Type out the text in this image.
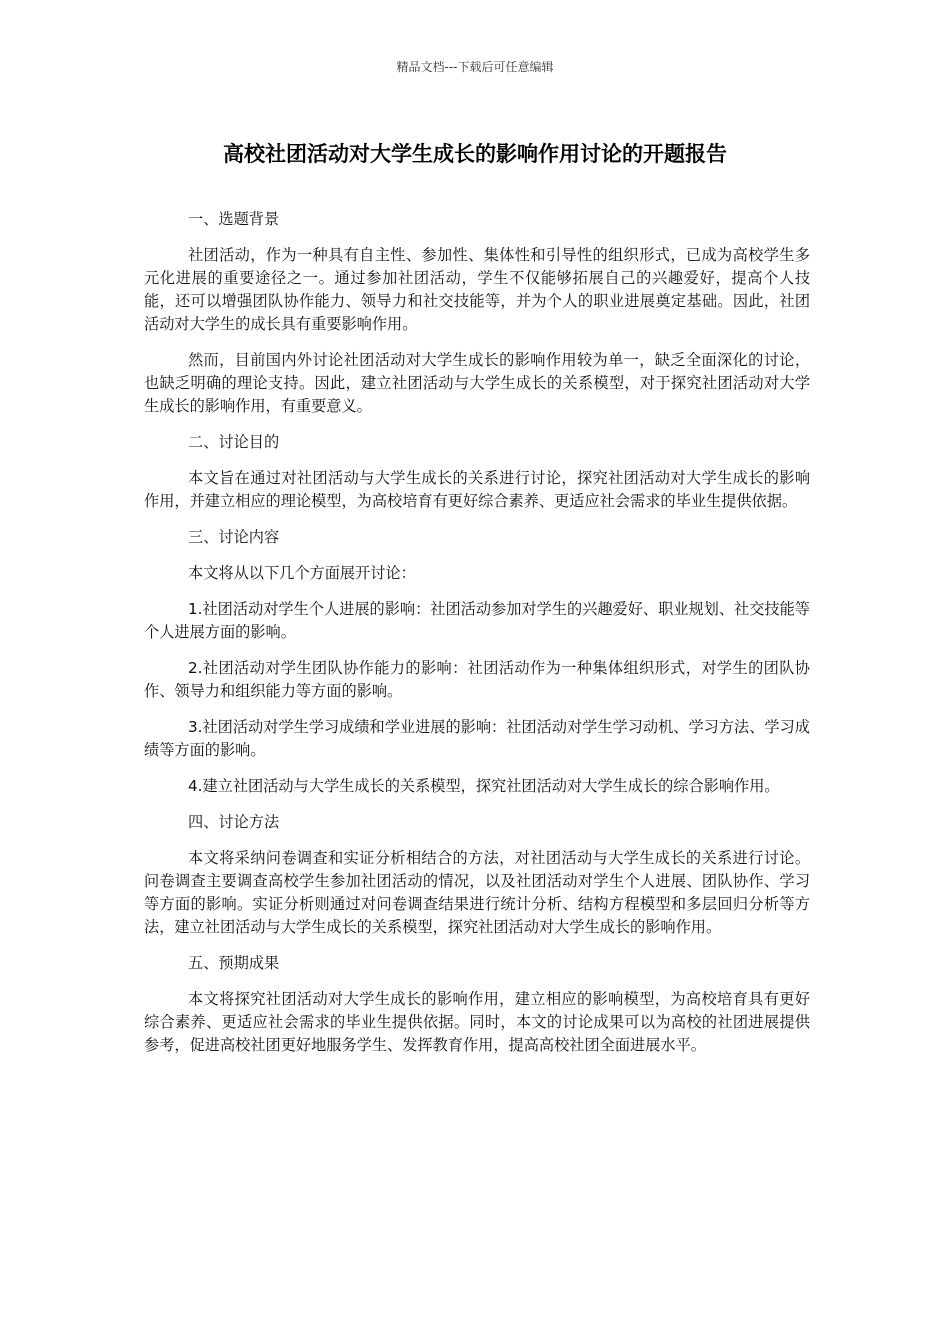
精品文档---下载后可任意编辑
高校社团活动对大学生成长的影响作用讨论的开题报告
一、选题背景

社团活动，作为一种具有自主性、参加性、集体性和引导性的组织形式，已成为高校学生多元化进展的重要途径之一。通过参加社团活动，学生不仅能够拓展自己的兴趣爱好，提高个人技能，还可以增强团队协作能力、领导力和社交技能等，并为个人的职业进展奠定基础。因此，社团活动对大学生的成长具有重要影响作用。

然而，目前国内外讨论社团活动对大学生成长的影响作用较为单一，缺乏全面深化的讨论，也缺乏明确的理论支持。因此，建立社团活动与大学生成长的关系模型，对于探究社团活动对大学生成长的影响作用，有重要意义。

二、讨论目的

本文旨在通过对社团活动与大学生成长的关系进行讨论，探究社团活动对大学生成长的影响作用，并建立相应的理论模型，为高校培育有更好综合素养、更适应社会需求的毕业生提供依据。

三、讨论内容

本文将从以下几个方面展开讨论：

1.社团活动对学生个人进展的影响：社团活动参加对学生的兴趣爱好、职业规划、社交技能等个人进展方面的影响。

2.社团活动对学生团队协作能力的影响：社团活动作为一种集体组织形式，对学生的团队协作、领导力和组织能力等方面的影响。

3.社团活动对学生学习成绩和学业进展的影响：社团活动对学生学习动机、学习方法、学习成绩等方面的影响。

4.建立社团活动与大学生成长的关系模型，探究社团活动对大学生成长的综合影响作用。

四、讨论方法

本文将采纳问卷调查和实证分析相结合的方法，对社团活动与大学生成长的关系进行讨论。问卷调查主要调查高校学生参加社团活动的情况，以及社团活动对学生个人进展、团队协作、学习等方面的影响。实证分析则通过对问卷调查结果进行统计分析、结构方程模型和多层回归分析等方法，建立社团活动与大学生成长的关系模型，探究社团活动对大学生成长的影响作用。

五、预期成果

本文将探究社团活动对大学生成长的影响作用，建立相应的影响模型，为高校培育具有更好综合素养、更适应社会需求的毕业生提供依据。同时，本文的讨论成果可以为高校的社团进展提供参考，促进高校社团更好地服务学生、发挥教育作用，提高高校社团全面进展水平。
